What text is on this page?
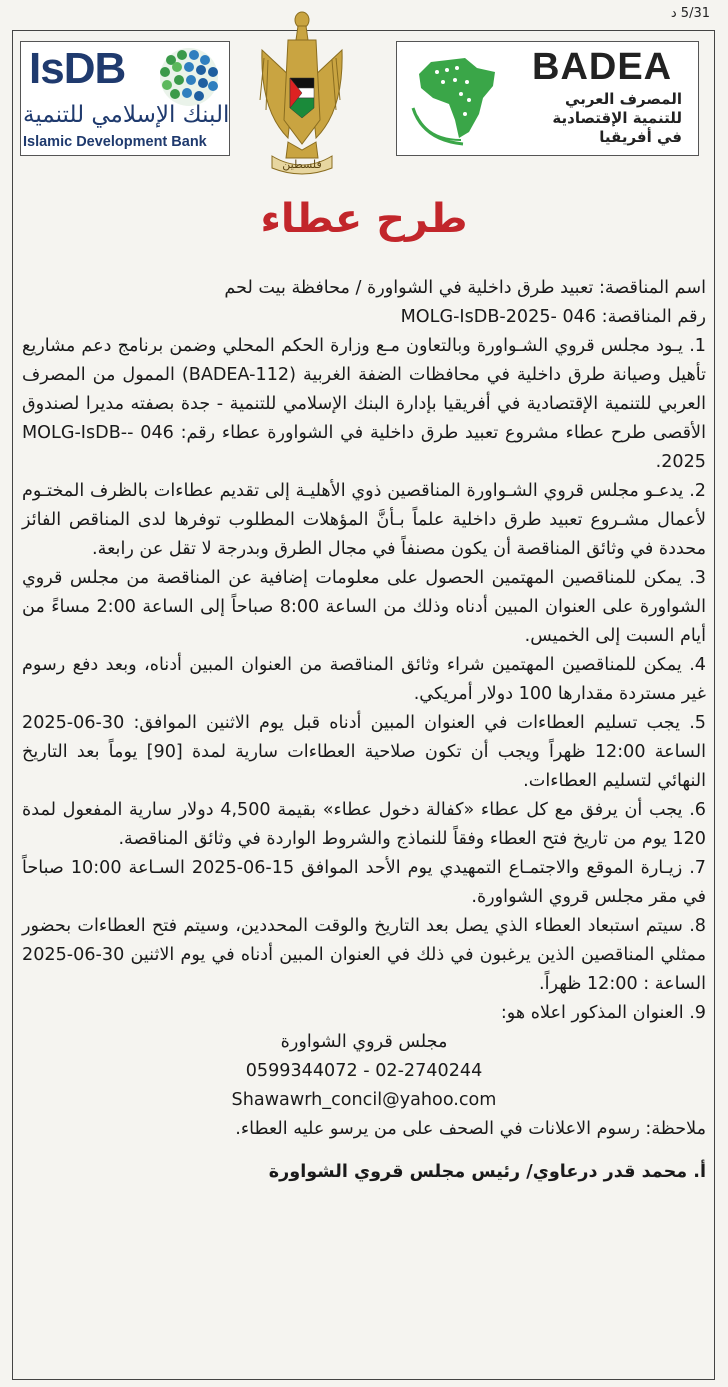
5/31 د
IsDB
البنك الإسلامي للتنمية
Islamic Development Bank
فلسطين
BADEA
المصرف العربي
للتنمية الإقتصادية
في أفريقيا
طرح عطاء

اسم المناقصة: تعبيد طرق داخلية في الشواورة / محافظة بيت لحم

رقم المناقصة: 046 -MOLG-IsDB-2025

1. يـود مجلس قروي الشـواورة وبالتعاون مـع وزارة الحكم المحلي وضمن برنامج دعم مشاريع تأهيل وصيانة طرق داخلية في محافظات الضفة الغربية (BADEA-112) الممول من المصرف العربي للتنمية الإقتصادية في أفريقيا بإدارة البنك الإسلامي للتنمية - جدة بصفته مديرا لصندوق الأقصى طرح عطاء مشروع تعبيد طرق داخلية في الشواورة عطاء رقم: 046 -MOLG-IsDB-2025.

2. يدعـو مجلس قروي الشـواورة المناقصين ذوي الأهليـة إلى تقديم عطاءات بالظرف المختـوم لأعمال مشـروع تعبيد طرق داخلية علماً بـأنَّ المؤهلات المطلوب توفرها لدى المناقص الفائز محددة في وثائق المناقصة أن يكون مصنفاً في مجال الطرق وبدرجة لا تقل عن رابعة.

3. يمكن للمناقصين المهتمين الحصول على معلومات إضافية عن المناقصة من مجلس قروي الشواورة على العنوان المبين أدناه وذلك من الساعة 8:00 صباحاً إلى الساعة 2:00 مساءً من أيام السبت إلى الخميس.

4. يمكن للمناقصين المهتمين شراء وثائق المناقصة من العنوان المبين أدناه، وبعد دفع رسوم غير مستردة مقدارها 100 دولار أمريكي.

5. يجب تسليم العطاءات في العنوان المبين أدناه قبل يوم الاثنين الموافق: 30-06-2025 الساعة 12:00 ظهراً ويجب أن تكون صلاحية العطاءات سارية لمدة [90] يوماً بعد التاريخ النهائي لتسليم العطاءات.

6. يجب أن يرفق مع كل عطاء «كفالة دخول عطاء» بقيمة 4,500 دولار سارية المفعول لمدة 120 يوم من تاريخ فتح العطاء وفقاً للنماذج والشروط الواردة في وثائق المناقصة.

7. زيـارة الموقع والاجتمـاع التمهيدي يوم الأحد الموافق 15-06-2025 السـاعة 10:00 صباحاً في مقر مجلس قروي الشواورة.

8. سيتم استبعاد العطاء الذي يصل بعد التاريخ والوقت المحددين، وسيتم فتح العطاءات بحضور ممثلي المناقصين الذين يرغبون في ذلك في العنوان المبين أدناه في يوم الاثنين 30-06-2025 الساعة : 12:00 ظهراً.

9. العنوان المذكور اعلاه هو:

مجلس قروي الشواورة

02-2740244 - 0599344072

Shawawrh_concil@yahoo.com

ملاحظة: رسوم الاعلانات في الصحف على من يرسو عليه العطاء.

أ. محمد قدر درعاوي/ رئيس مجلس قروي الشواورة
